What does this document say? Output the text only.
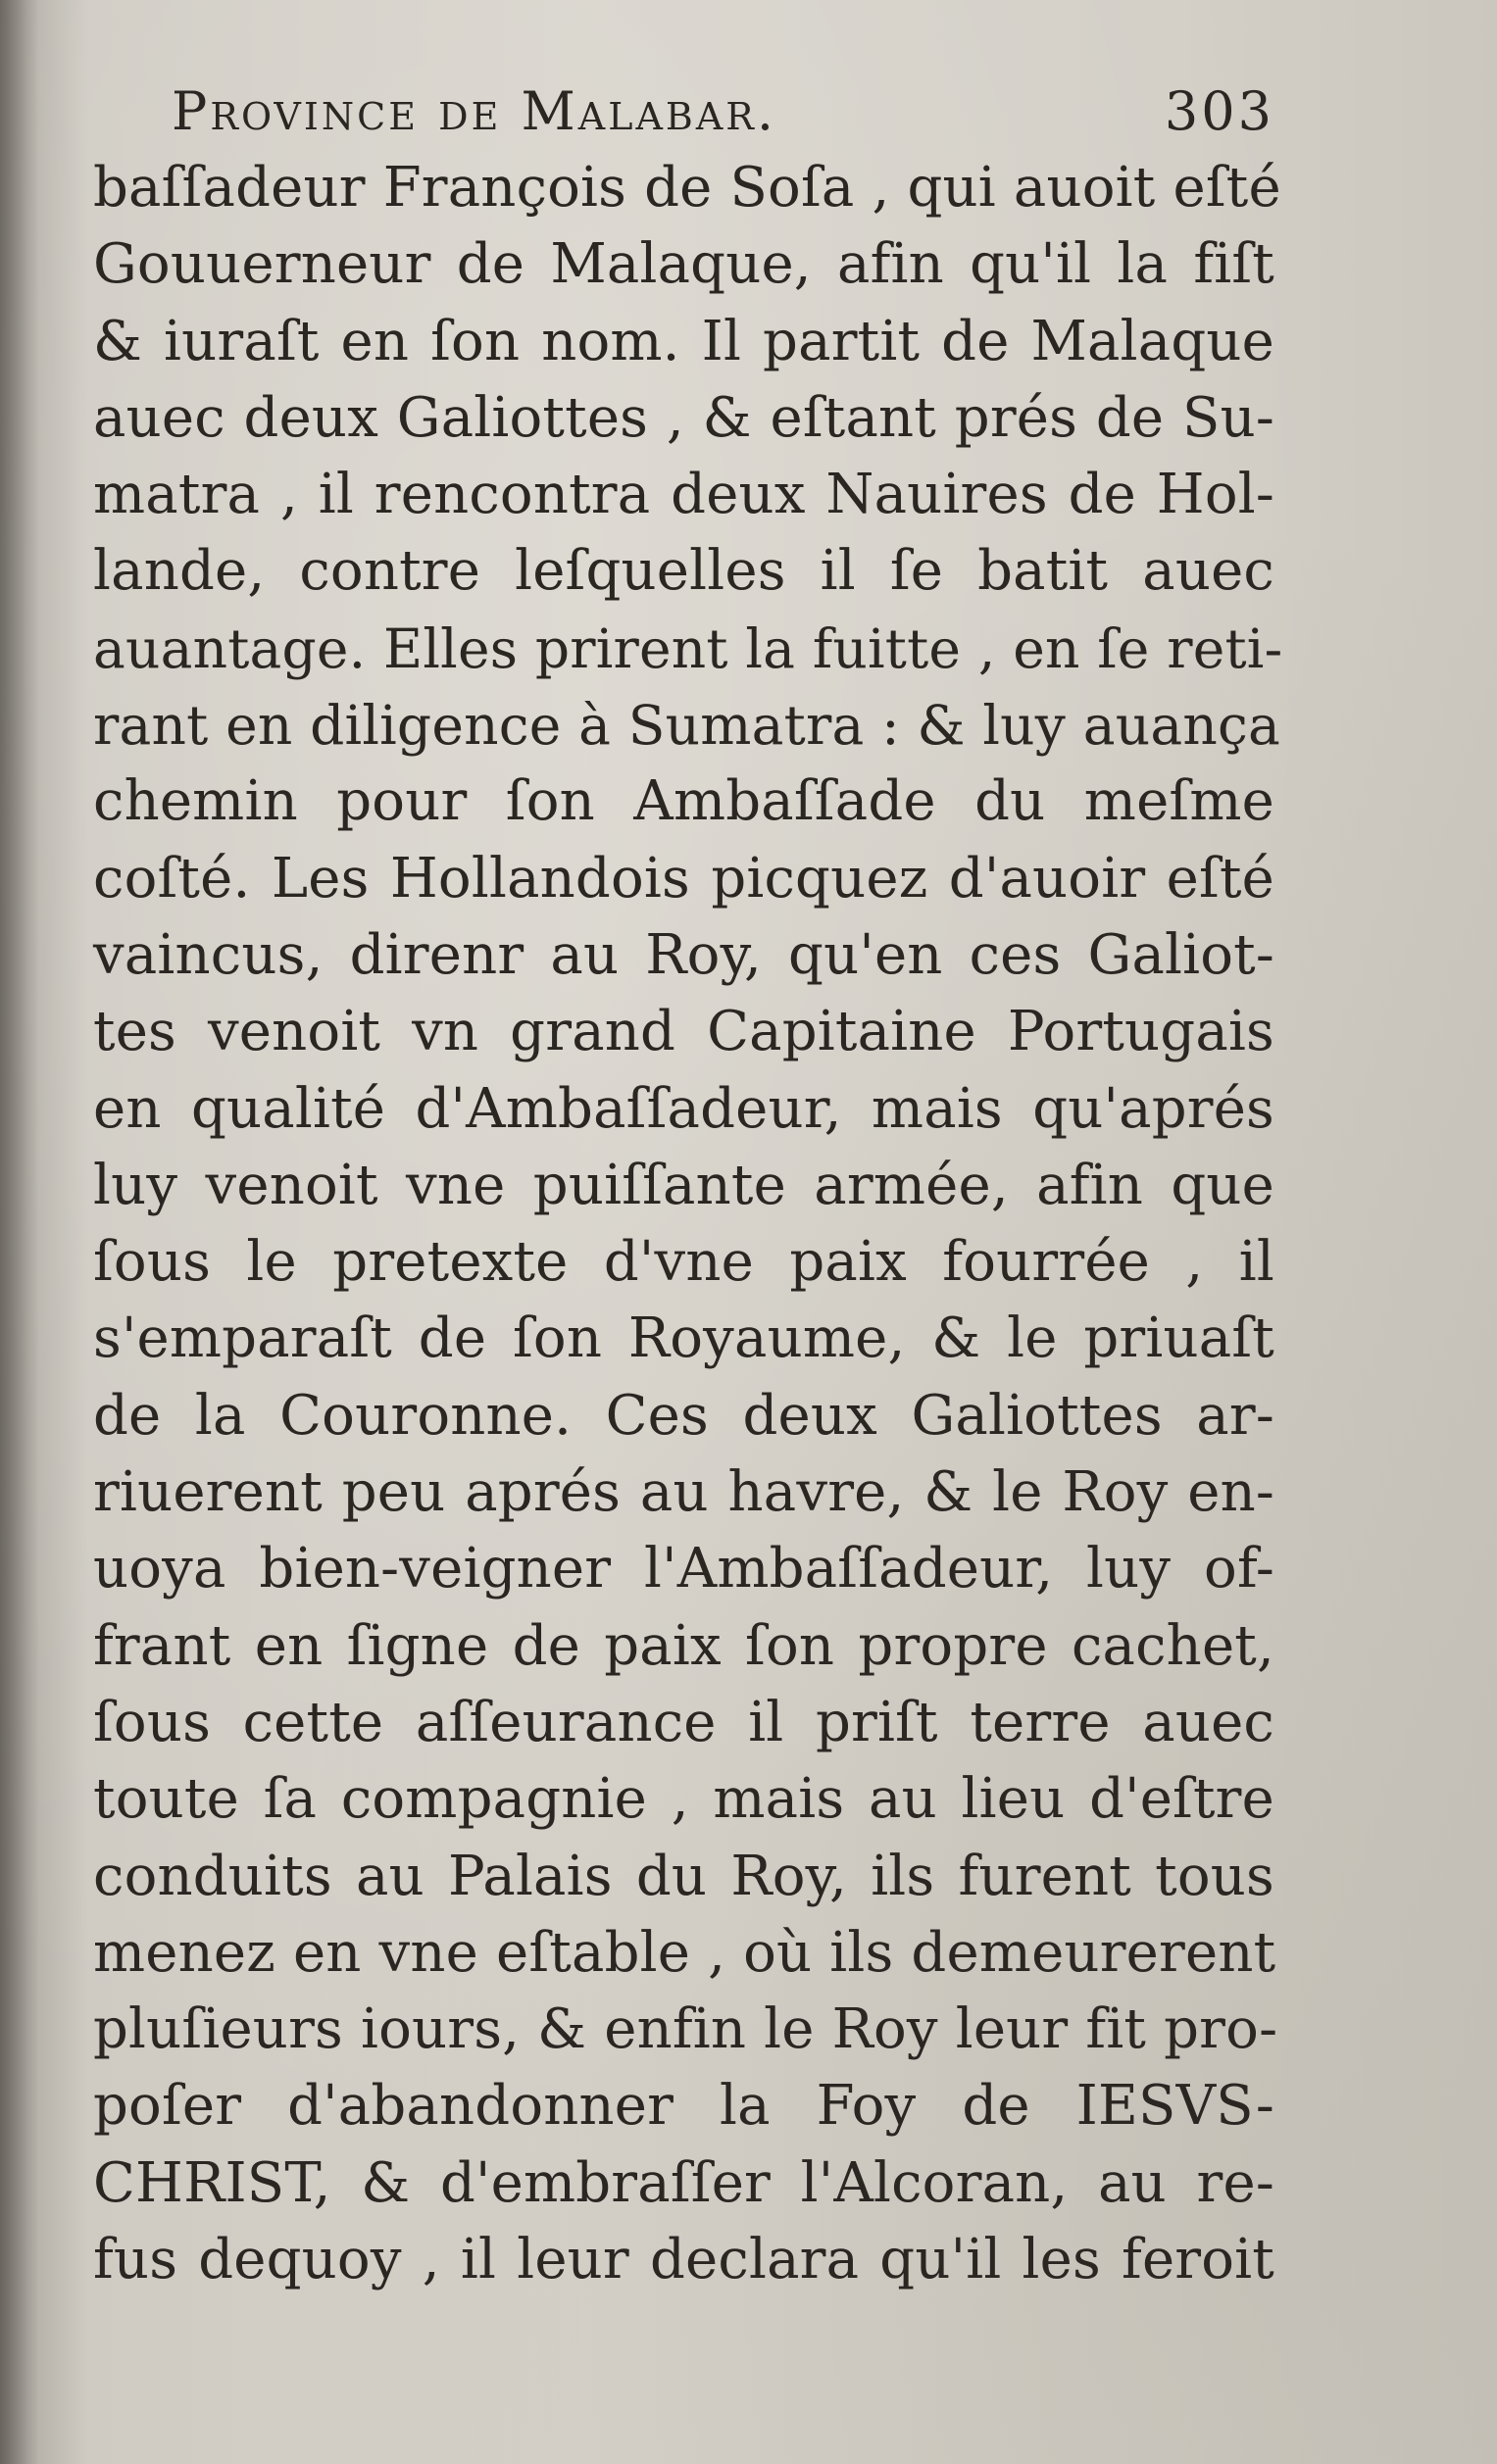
Province de Malabar.	303
baſſadeur François de Soſa , qui auoit eſté
Gouuerneur de Malaque, afin qu'il la fiſt
& iuraſt en ſon nom. Il partit de Malaque
auec deux Galiottes , & eſtant prés de Su-
matra , il rencontra deux Nauires de Hol-
lande, contre leſquelles il ſe batit auec
auantage. Elles prirent la fuitte , en ſe reti-
rant en diligence à Sumatra : & luy auança
chemin pour ſon Ambaſſade du meſme
coſté. Les Hollandois picquez d'auoir eſté
vaincus, direnr au Roy, qu'en ces Galiot-
tes venoit vn grand Capitaine Portugais
en qualité d'Ambaſſadeur, mais qu'aprés
luy venoit vne puiſſante armée, afin que
ſous le pretexte d'vne paix fourrée , il
s'emparaſt de ſon Royaume, & le priuaſt
de la Couronne. Ces deux Galiottes ar-
riuerent peu aprés au havre, & le Roy en-
uoya bien-veigner l'Ambaſſadeur, luy of-
frant en ſigne de paix ſon propre cachet,
ſous cette aſſeurance il priſt terre auec
toute ſa compagnie , mais au lieu d'eſtre
conduits au Palais du Roy, ils furent tous
menez en vne eſtable , où ils demeurerent
pluſieurs iours, & enfin le Roy leur fit pro-
poſer d'abandonner la Foy de IESVS-
CHRIST, & d'embraſſer l'Alcoran, au re-
fus dequoy , il leur declara qu'il les feroit
